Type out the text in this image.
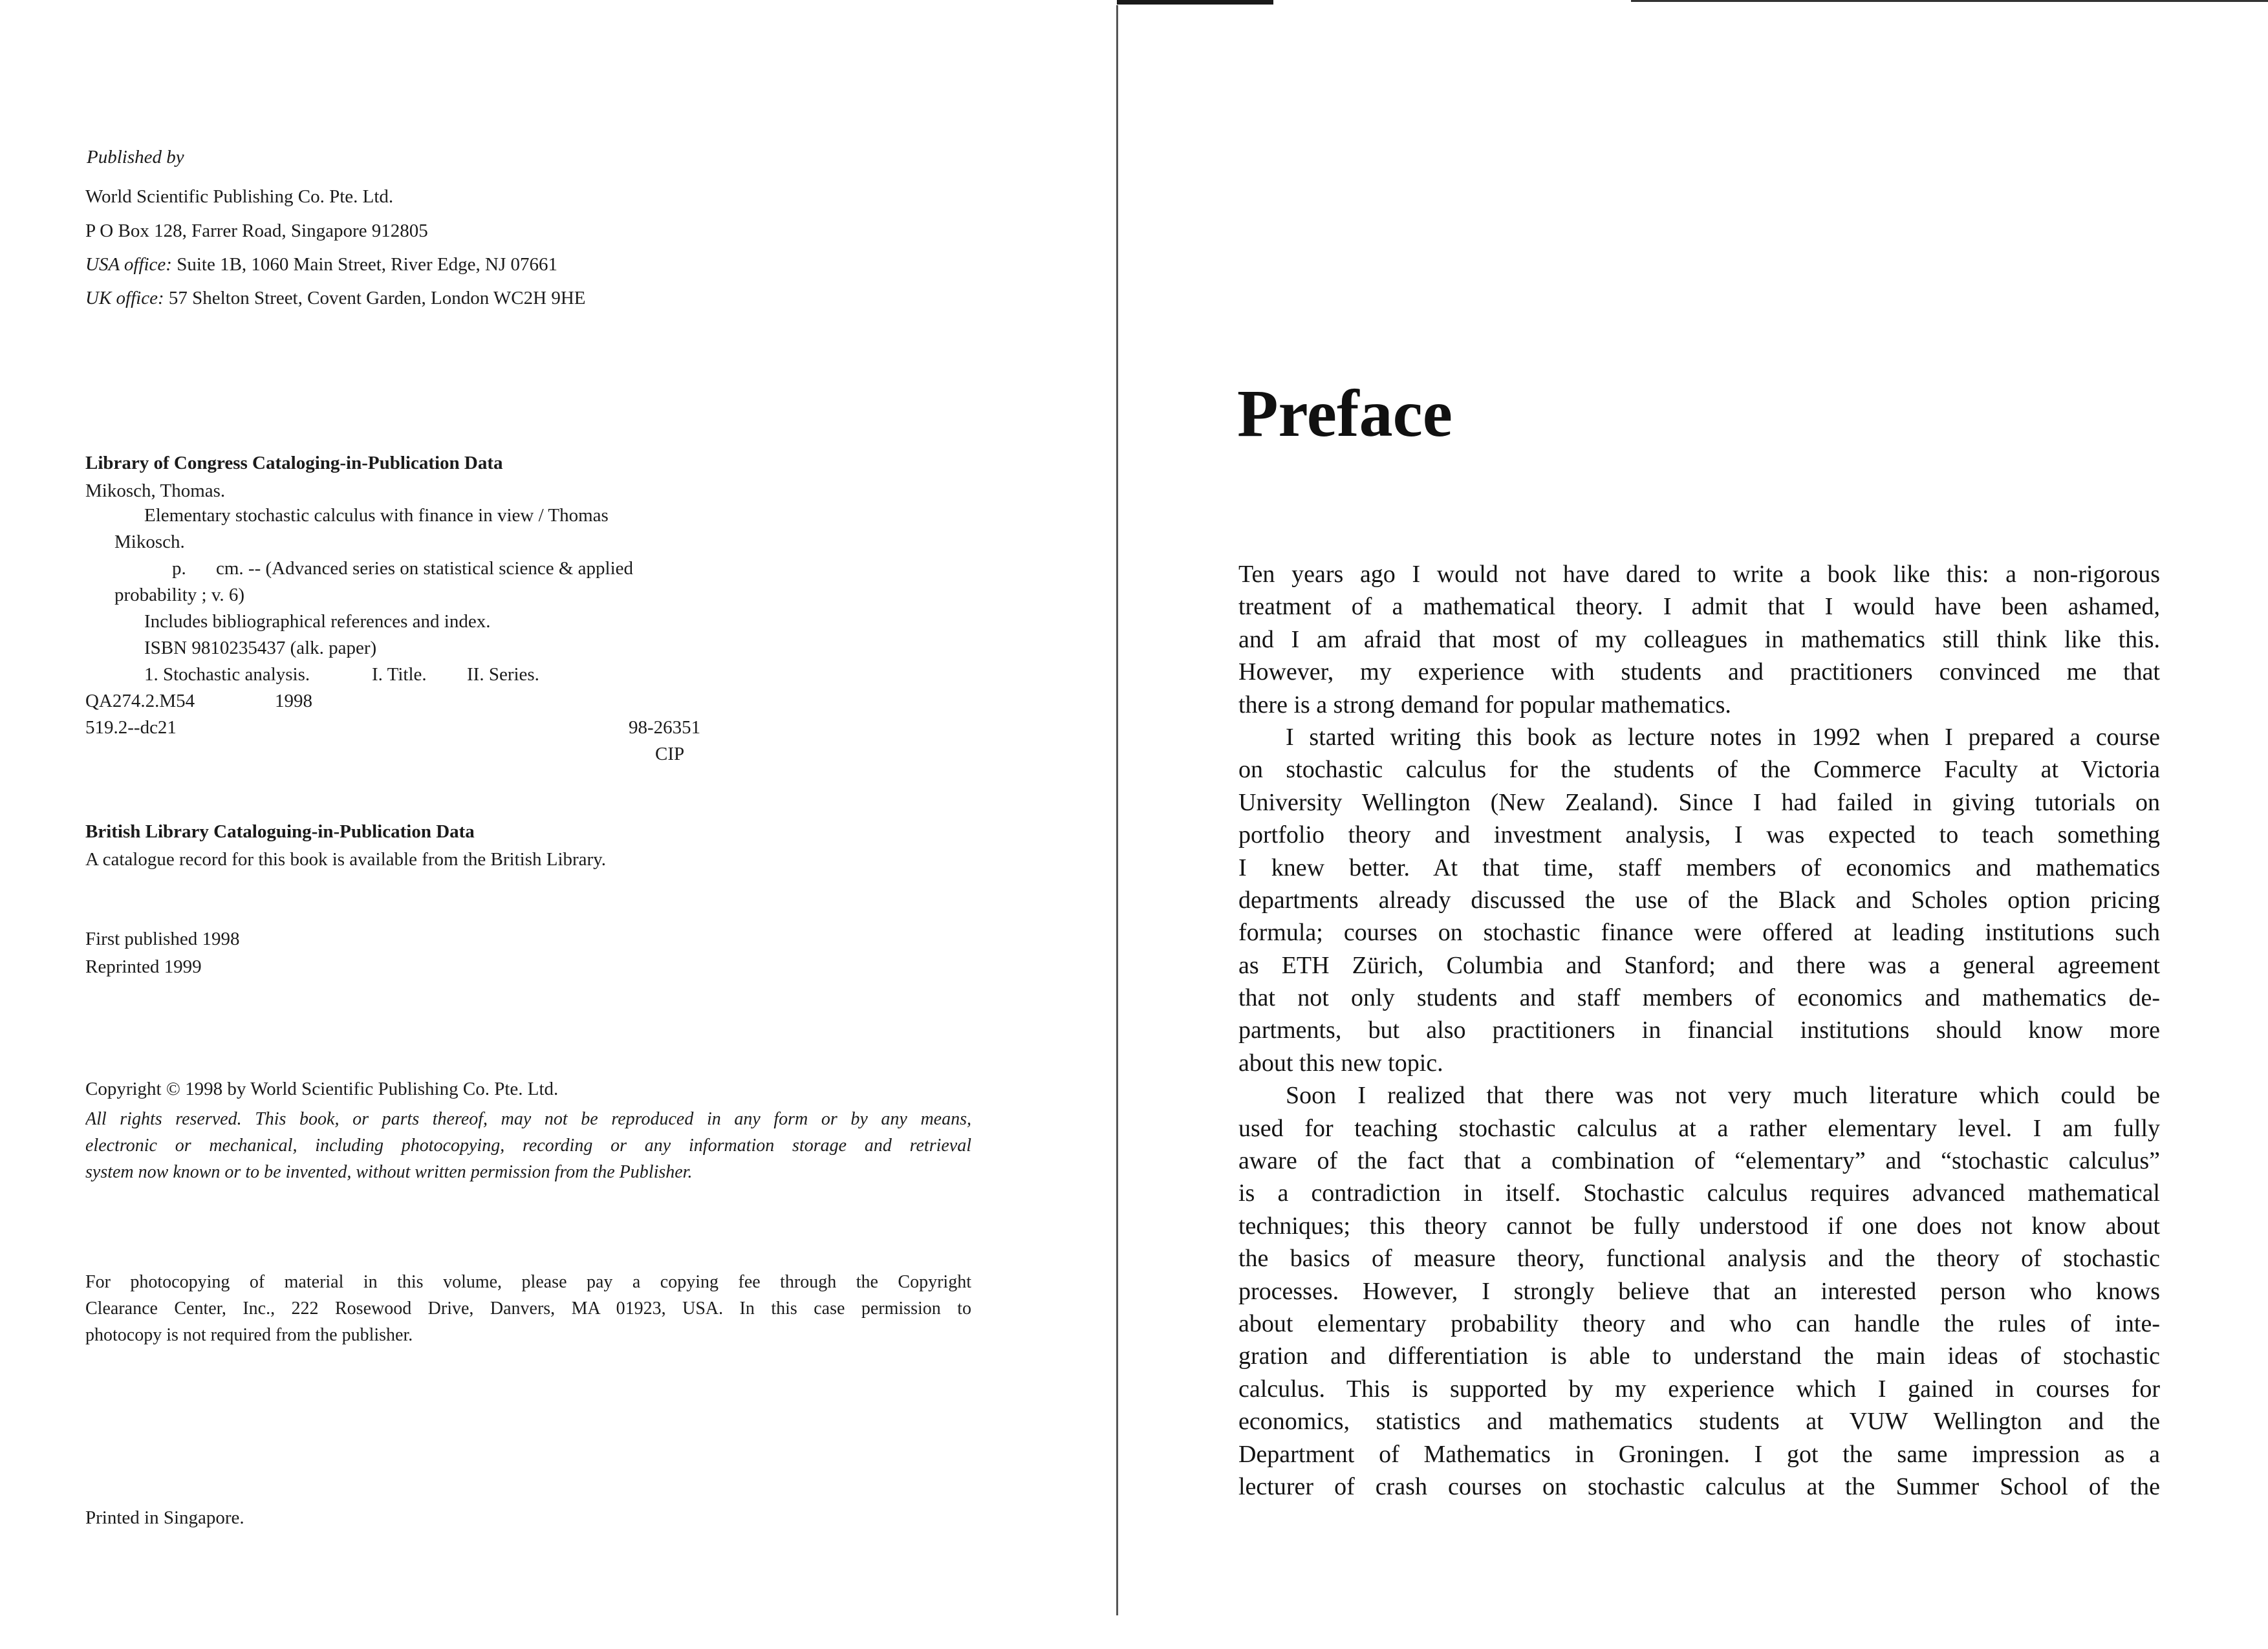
Published by
World Scientific Publishing Co. Pte. Ltd.
P O Box 128, Farrer Road, Singapore 912805
USA office: Suite 1B, 1060 Main Street, River Edge, NJ 07661
UK office: 57 Shelton Street, Covent Garden, London WC2H 9HE
Library of Congress Cataloging-in-Publication Data
Mikosch, Thomas.
Elementary stochastic calculus with finance in view / Thomas
Mikosch.
p. cm. -- (Advanced series on statistical science & applied
probability ; v. 6)
Includes bibliographical references and index.
ISBN 9810235437 (alk. paper)
1. Stochastic analysis.	I. Title. II. Series.
QA274.2.M54	1998
519.2--dc21	98-26351
CIP
British Library Cataloguing-in-Publication Data
A catalogue record for this book is available from the British Library.
First published 1998
Reprinted 1999
Copyright © 1998 by World Scientific Publishing Co. Pte. Ltd.
All rights reserved. This book, or parts thereof, may not be reproduced in any form or by any means,
electronic or mechanical, including photocopying, recording or any information storage and retrieval
system now known or to be invented, without written permission from the Publisher.
For photocopying of material in this volume, please pay a copying fee through the Copyright
Clearance Center, Inc., 222 Rosewood Drive, Danvers, MA 01923, USA. In this case permission to
photocopy is not required from the publisher.
Printed in Singapore.
Preface
Ten years ago I would not have dared to write a book like this: a non-rigorous
treatment of a mathematical theory. I admit that I would have been ashamed,
and I am afraid that most of my colleagues in mathematics still think like this.
However, my experience with students and practitioners convinced me that
there is a strong demand for popular mathematics.
I started writing this book as lecture notes in 1992 when I prepared a course
on stochastic calculus for the students of the Commerce Faculty at Victoria
University Wellington (New Zealand). Since I had failed in giving tutorials on
portfolio theory and investment analysis, I was expected to teach something
I knew better. At that time, staff members of economics and mathematics
departments already discussed the use of the Black and Scholes option pricing
formula; courses on stochastic finance were offered at leading institutions such
as ETH Zürich, Columbia and Stanford; and there was a general agreement
that not only students and staff members of economics and mathematics de-
partments, but also practitioners in financial institutions should know more
about this new topic.
Soon I realized that there was not very much literature which could be
used for teaching stochastic calculus at a rather elementary level. I am fully
aware of the fact that a combination of “elementary” and “stochastic calculus”
is a contradiction in itself. Stochastic calculus requires advanced mathematical
techniques; this theory cannot be fully understood if one does not know about
the basics of measure theory, functional analysis and the theory of stochastic
processes. However, I strongly believe that an interested person who knows
about elementary probability theory and who can handle the rules of inte-
gration and differentiation is able to understand the main ideas of stochastic
calculus. This is supported by my experience which I gained in courses for
economics, statistics and mathematics students at VUW Wellington and the
Department of Mathematics in Groningen. I got the same impression as a
lecturer of crash courses on stochastic calculus at the Summer School of the
